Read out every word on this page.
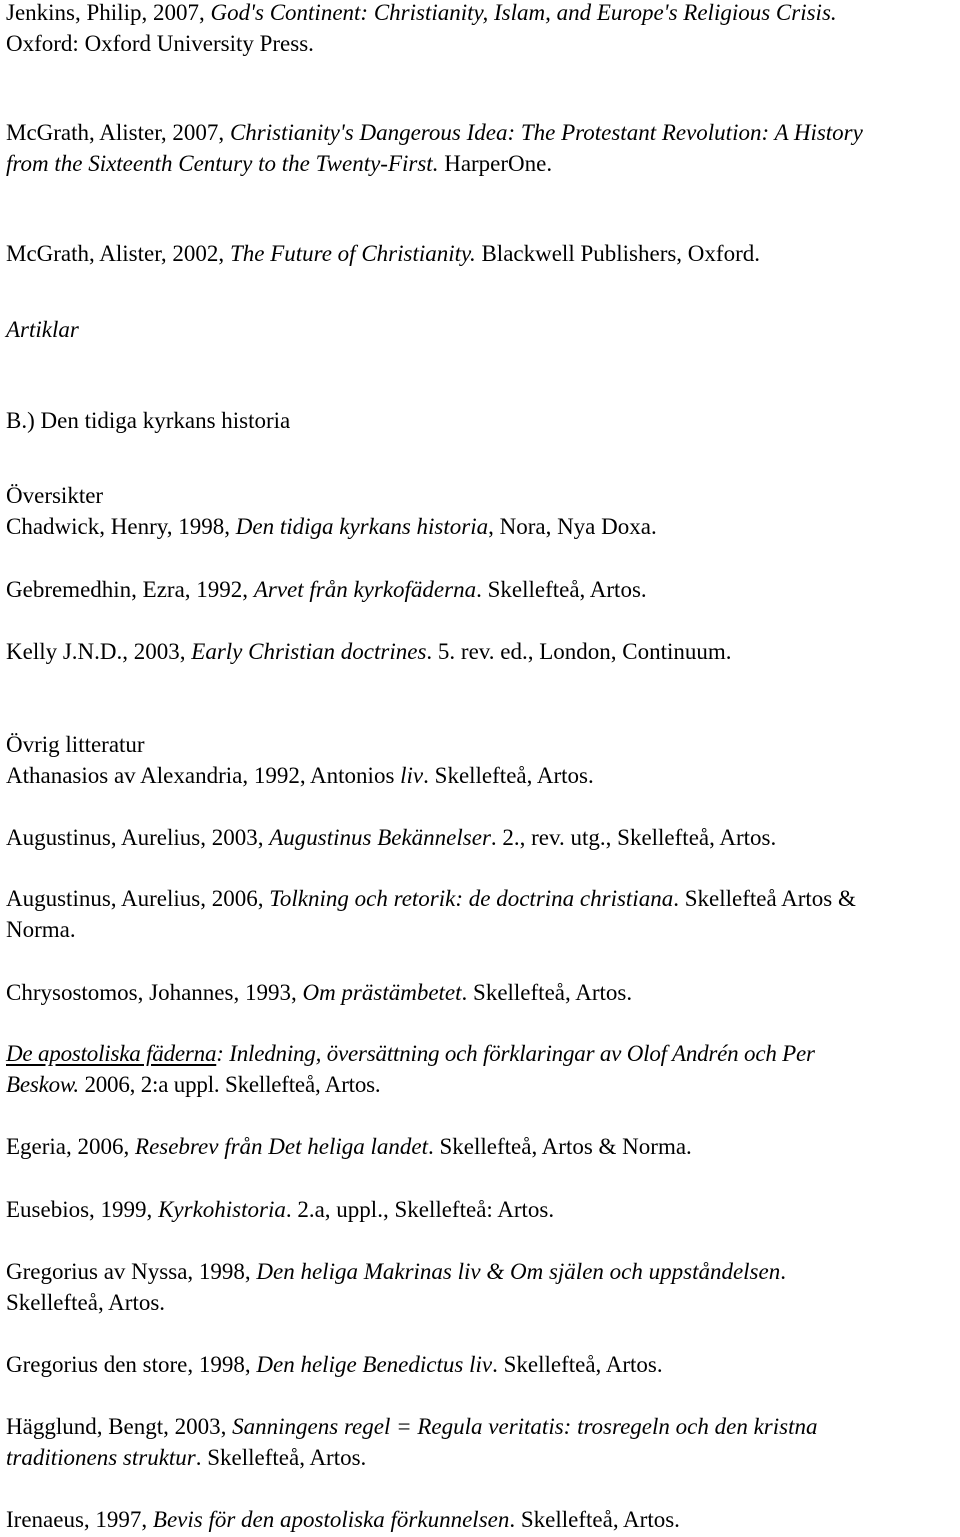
Jenkins, Philip, 2007, God's Continent: Christianity, Islam, and Europe's Religious Crisis.
Oxford: Oxford University Press.
McGrath, Alister, 2007, Christianity's Dangerous Idea: The Protestant Revolution: A History
from the Sixteenth Century to the Twenty-First. HarperOne.
McGrath, Alister, 2002, The Future of Christianity. Blackwell Publishers, Oxford.
Artiklar
B.) Den tidiga kyrkans historia
Översikter
Chadwick, Henry, 1998, Den tidiga kyrkans historia, Nora, Nya Doxa.
Gebremedhin, Ezra, 1992, Arvet från kyrkofäderna. Skellefteå, Artos.
Kelly J.N.D., 2003, Early Christian doctrines. 5. rev. ed., London, Continuum.
Övrig litteratur
Athanasios av Alexandria, 1992, Antonios liv. Skellefteå, Artos.
Augustinus, Aurelius, 2003, Augustinus Bekännelser. 2., rev. utg., Skellefteå, Artos.
Augustinus, Aurelius, 2006, Tolkning och retorik: de doctrina christiana. Skellefteå Artos &
Norma.
Chrysostomos, Johannes, 1993, Om prästämbetet. Skellefteå, Artos.
De apostoliska fäderna: Inledning, översättning och förklaringar av Olof Andrén och Per
Beskow. 2006, 2:a uppl. Skellefteå, Artos.
Egeria, 2006, Resebrev från Det heliga landet. Skellefteå, Artos & Norma.
Eusebios, 1999, Kyrkohistoria. 2.a, uppl., Skellefteå: Artos.
Gregorius av Nyssa, 1998, Den heliga Makrinas liv & Om själen och uppståndelsen.
Skellefteå, Artos.
Gregorius den store, 1998, Den helige Benedictus liv. Skellefteå, Artos.
Hägglund, Bengt, 2003, Sanningens regel = Regula veritatis: trosregeln och den kristna
traditionens struktur. Skellefteå, Artos.
Irenaeus, 1997, Bevis för den apostoliska förkunnelsen. Skellefteå, Artos.
